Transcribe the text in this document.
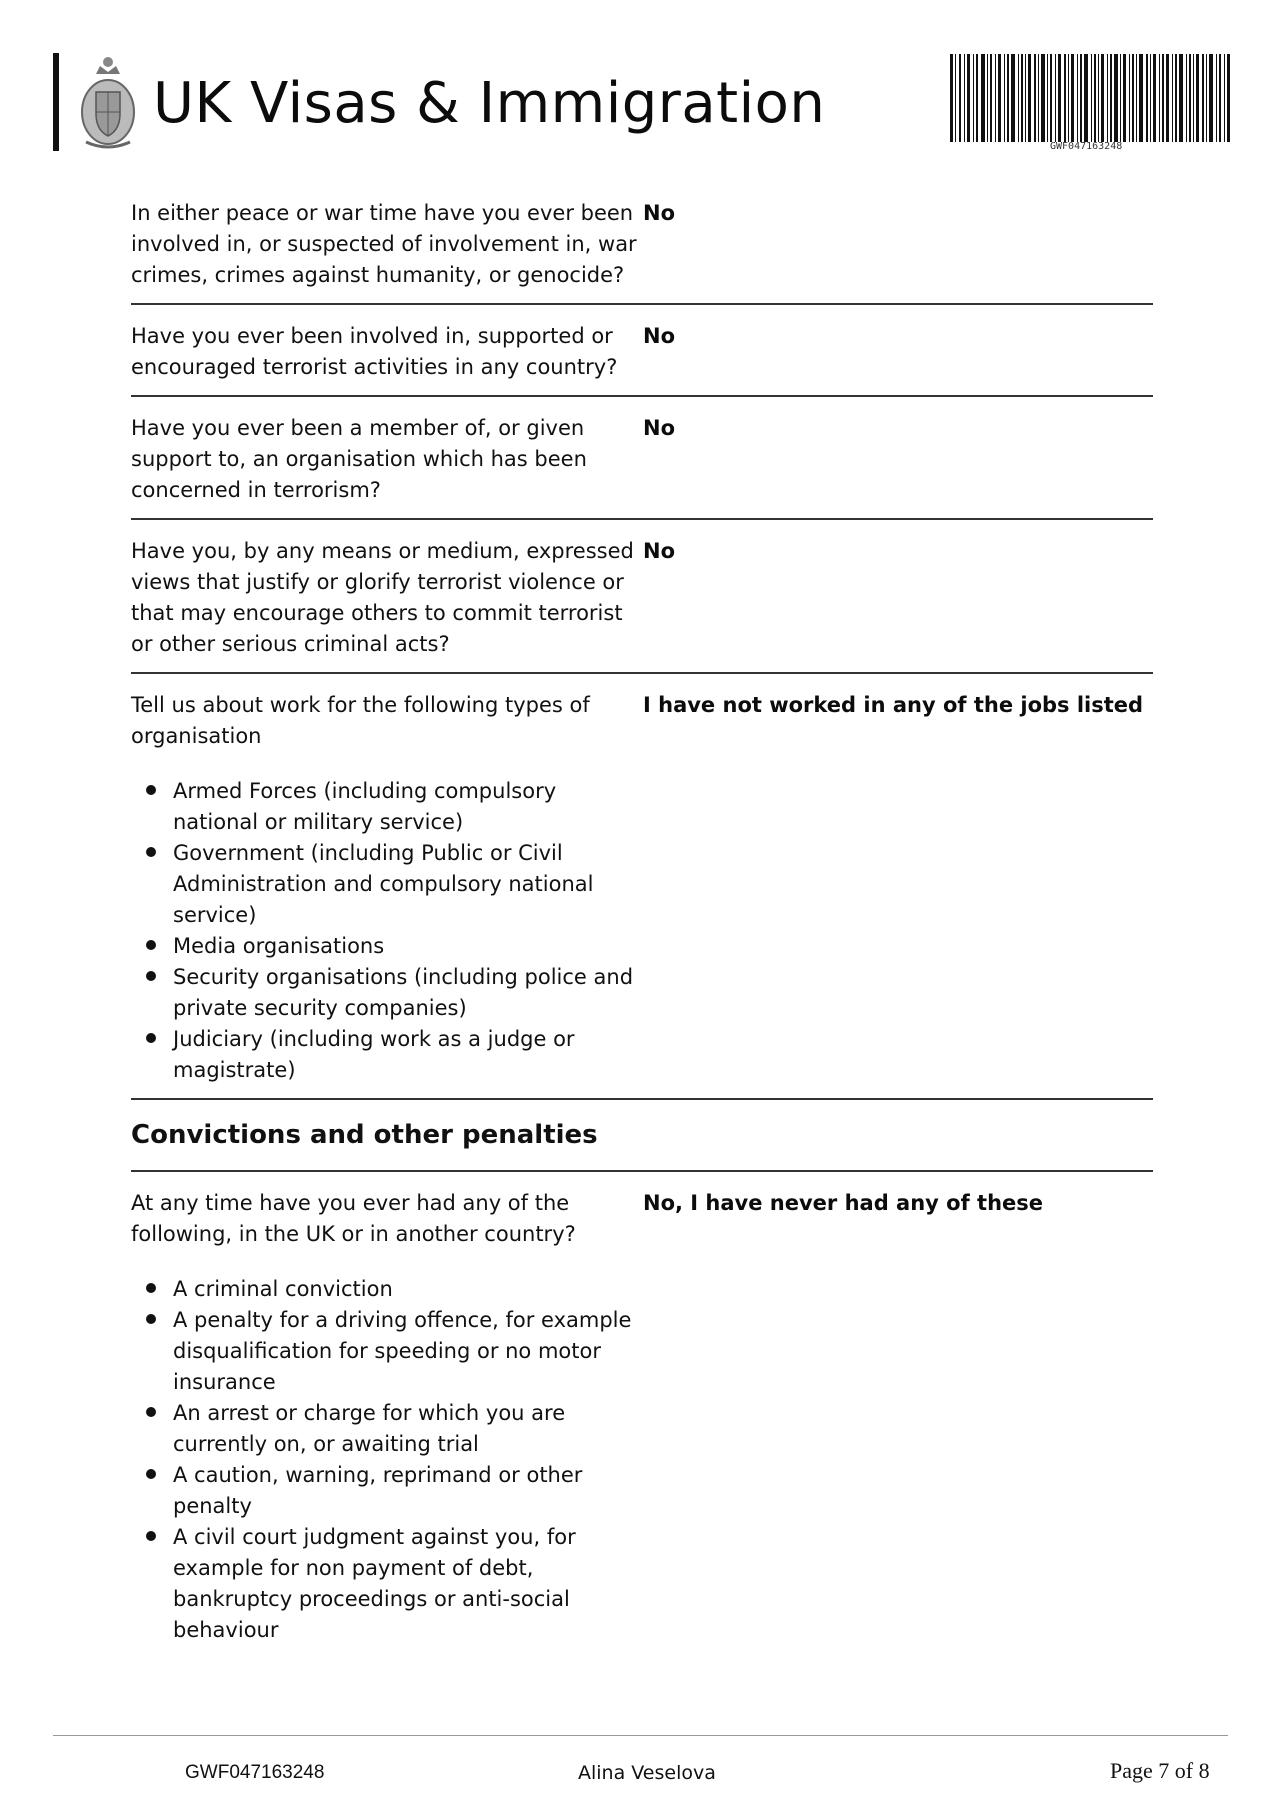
UK Visas & Immigration
GWF047163248
In either peace or war time have you ever been involved in, or suspected of involvement in, war crimes, crimes against humanity, or genocide?
No
Have you ever been involved in, supported or encouraged terrorist activities in any country?
No
Have you ever been a member of, or given support to, an organisation which has been concerned in terrorism?
No
Have you, by any means or medium, expressed views that justify or glorify terrorist violence or that may encourage others to commit terrorist or other serious criminal acts?
No
Tell us about work for the following types of organisation
Armed Forces (including compulsory national or military service)
Government (including Public or Civil Administration and compulsory national service)
Media organisations
Security organisations (including police and private security companies)
Judiciary (including work as a judge or magistrate)
I have not worked in any of the jobs listed
Convictions and other penalties
At any time have you ever had any of the following, in the UK or in another country?
A criminal conviction
A penalty for a driving offence, for example disqualification for speeding or no motor insurance
An arrest or charge for which you are currently on, or awaiting trial
A caution, warning, reprimand or other penalty
A civil court judgment against you, for example for non payment of debt, bankruptcy proceedings or anti-social behaviour
No, I have never had any of these
GWF047163248	Alina Veselova	Page 7 of 8
